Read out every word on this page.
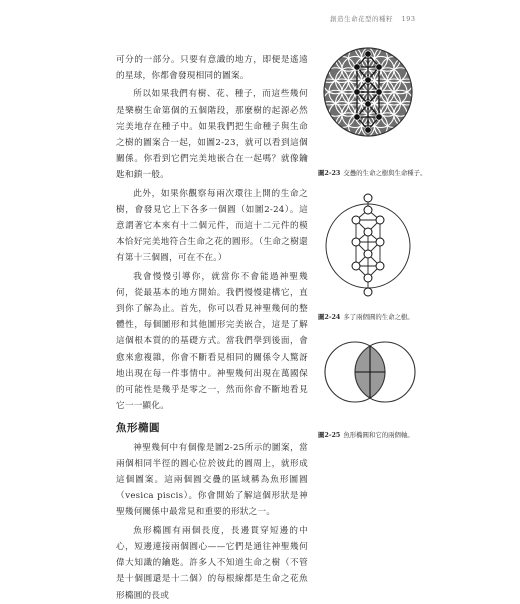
創造生命花型的種籽 193

可分的一部分。只要有意識的地方，即便是遙遠的星球，你都會發現相同的圖案。

所以如果我們有樹、花、種子，而這些幾何是樂樹生命第個的五個階段，那麼樹的起源必然完美地存在種子中。如果我們把生命種子與生命之樹的圖案合一起，如圖2-23，就可以看到這個關係。你看到它們完美地嵌合在一起嗎？就像鑰匙和鎖一般。

此外，如果你觀察每兩次環往上開的生命之樹，會發見它上下各多一個圓（如圖2-24）。這意謂著它本來有十二個元件，而這十二元件的模本恰好完美地符合生命之花的圓形。（生命之樹還有第十三個圓，可在不在。）

我會慢慢引導你，就當你不會能過神聖幾何，從最基本的地方開始。我們慢慢建構它，直到你了解為止。首先，你可以看見神聖幾何的整體性，每個圖形和其他圖形完美嵌合，這是了解這個根本質的的基礎方式。當我們學到後面，會愈來愈複雜，你會不斷看見相同的關係令人驚訝地出現在每一件事情中。神聖幾何出現在萬國保的可能性是幾乎是零之一，然而你會不斷地看見它一一顯化。

魚形橢圓

神聖幾何中有個像是圖2-25所示的圖案，當兩個相同半徑的圓心位於彼此的圓周上，就形成這個圖案。這兩個圓交疊的區域稱為魚形圖圓（vesica piscis）。你會開始了解這個形狀是神聖幾何關係中最常見和重要的形狀之一。

魚形橢圓有兩個長度，長邊貫穿短邊的中心，短邊連接兩個圓心——它們是通往神聖幾何偉大知識的鑰匙。許多人不知道生命之樹（不管是十個圓還是十二個）的每根線都是生命之花魚形橢圓的長或

圖2-23 交疊的生命之樹與生命種子。
圖2-24 多了兩個圓的生命之樹。
圖2-25 魚形橢圓和它的兩個軸。
